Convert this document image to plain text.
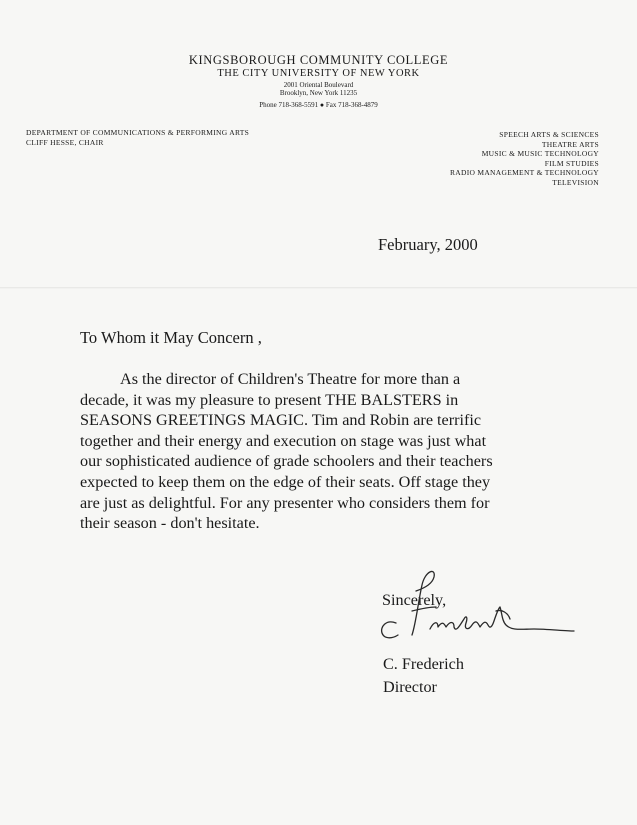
KINGSBOROUGH COMMUNITY COLLEGE
THE CITY UNIVERSITY OF NEW YORK
2001 Oriental Boulevard
Brooklyn, New York 11235
Phone 718-368-5591 ● Fax 718-368-4879
DEPARTMENT OF COMMUNICATIONS & PERFORMING ARTS
CLIFF HESSE, CHAIR
SPEECH ARTS & SCIENCES
THEATRE ARTS
MUSIC & MUSIC TECHNOLOGY
FILM STUDIES
RADIO MANAGEMENT & TECHNOLOGY
TELEVISION
February, 2000
To Whom it May Concern ,
As the director of Children's Theatre for more than a
decade, it was my pleasure to present THE BALSTERS in
SEASONS GREETINGS MAGIC. Tim and Robin are terrific
together and their energy and execution on stage was just what
our sophisticated audience of grade schoolers and their teachers
expected to keep them on the edge of their seats. Off stage they
are just as delightful. For any presenter who considers them for
their season - don't hesitate.
Sincerely,
C. Frederich
Director
